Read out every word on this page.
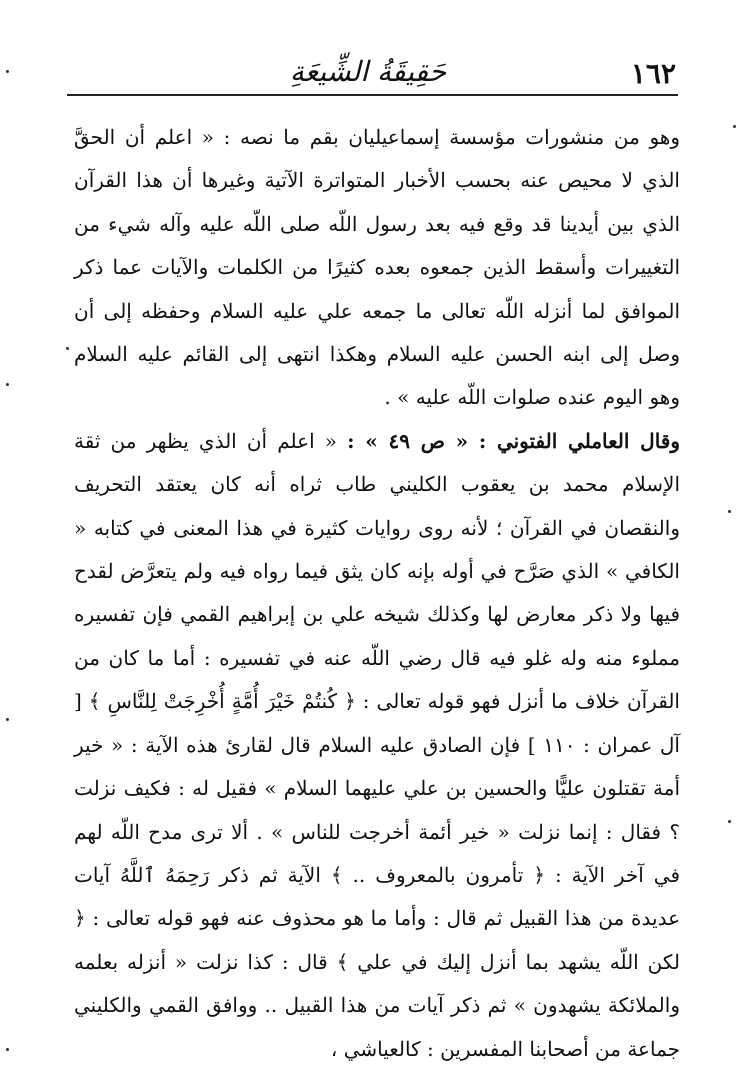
١٦٢
حَقِيقَةُ الشِّيعَةِ

وهو من منشورات مؤسسة إسماعيليان بقم ما نصه : « اعلم أن الحقَّ الذي لا محيص عنه بحسب الأخبار المتواترة الآتية وغيرها أن هذا القرآن الذي بين أيدينا قد وقع فيه بعد رسول اللّه صلى اللّه عليه وآله شيء من التغييرات وأسقط الذين جمعوه بعده كثيرًا من الكلمات والآيات عما ذكر الموافق لما أنزله اللّه تعالى ما جمعه علي عليه السلام وحفظه إلى أن وصل إلى ابنه الحسن عليه السلام وهكذا انتهى إلى القائم عليه السلام وهو اليوم عنده صلوات اللّه عليه » .

وقال العاملي الفتوني : « ص ٤٩ » : « اعلم أن الذي يظهر من ثقة الإسلام محمد بن يعقوب الكليني طاب ثراه أنه كان يعتقد التحريف والنقصان في القرآن ؛ لأنه روى روايات كثيرة في هذا المعنى في كتابه « الكافي » الذي صَرَّح في أوله بإنه كان يثق فيما رواه فيه ولم يتعرَّض لقدح فيها ولا ذكر معارض لها وكذلك شيخه علي بن إبراهيم القمي فإن تفسيره مملوء منه وله غلو فيه قال رضي اللّه عنه في تفسيره : أما ما كان من القرآن خلاف ما أنزل فهو قوله تعالى : ﴿ كُنتُمْ خَيْرَ أُمَّةٍ أُخْرِجَتْ لِلنَّاسِ ﴾ [ آل عمران : ١١٠ ] فإن الصادق عليه السلام قال لقارئ هذه الآية : « خير أمة تقتلون عليًّا والحسين بن علي عليهما السلام » فقيل له : فكيف نزلت ؟ فقال : إنما نزلت « خير أئمة أخرجت للناس » . ألا ترى مدح اللّه لهم في آخر الآية : ﴿ تأمرون بالمعروف .. ﴾ الآية ثم ذكر رَحِمَهُ ٱللَّهُ آيات عديدة من هذا القبيل ثم قال : وأما ما هو محذوف عنه فهو قوله تعالى : ﴿ لكن اللّه يشهد بما أنزل إليك في علي ﴾ قال : كذا نزلت « أنزله بعلمه والملائكة يشهدون » ثم ذكر آيات من هذا القبيل .. ووافق القمي والكليني جماعة من أصحابنا المفسرين : كالعياشي ،
